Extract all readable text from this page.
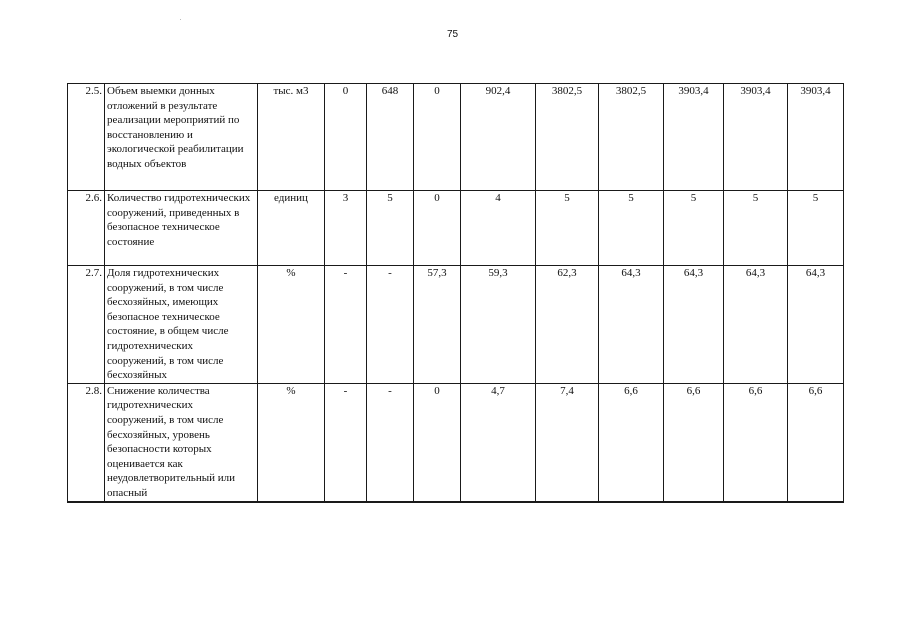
75
2.5.	Объем выемки донных отложений в результате реализации мероприятий по восстановлению и экологической реабилитации водных объектов	тыс. м3	0	648	0	902,4	3802,5	3802,5	3903,4	3903,4	3903,4
2.6.	Количество гидротехнических сооружений, приведенных в безопасное техническое состояние	единиц	3	5	0	4	5	5	5	5	5
2.7.	Доля гидротехнических сооружений, в том числе бесхозяйных, имеющих безопасное техническое состояние, в общем числе гидротехнических сооружений, в том числе бесхозяйных	%	-	-	57,3	59,3	62,3	64,3	64,3	64,3	64,3
2.8.	Снижение количества гидротехнических сооружений, в том числе бесхозяйных, уровень безопасности которых оценивается как неудовлетворительный или опасный	%	-	-	0	4,7	7,4	6,6	6,6	6,6	6,6
